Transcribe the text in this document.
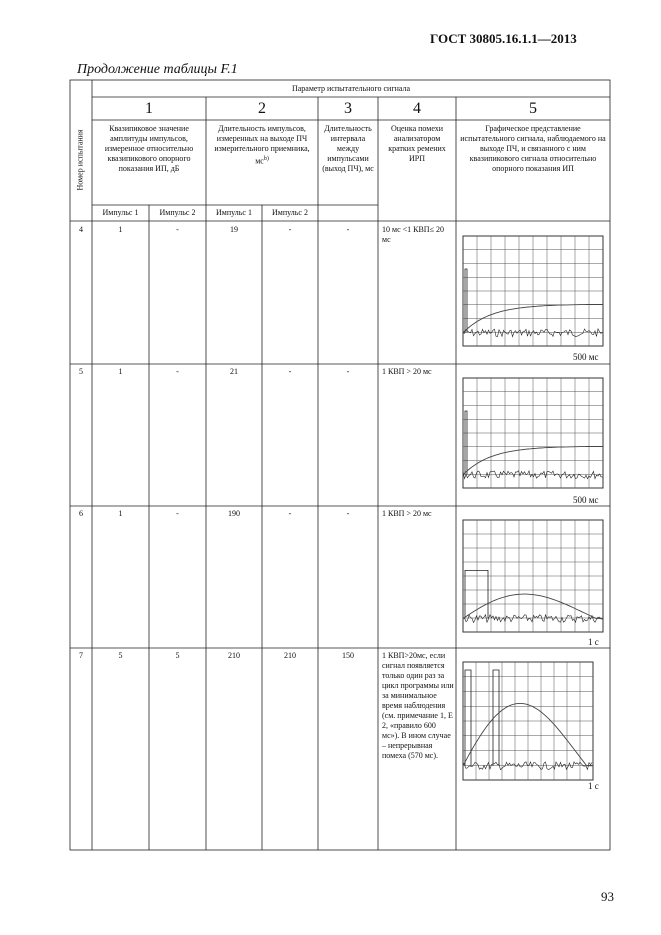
ГОСТ 30805.16.1.1—2013
Продолжение таблицы F.1
Номер испытания
Параметр испытательного сигнала
1	2	3	4	5
Квазипиковое значение амплитуды импульсов, измеренное относительно квазипикового опорного показания ИП, дБ
Длительность импульсов, измеренных на выходе ПЧ измерительного приемника, $мс^{b)}$
Длительность интервала между импульсами (выход ПЧ), мс
Оценка помехи анализатором кратких ремених ИРП
Графическое представление испытательного сигнала, наблюдаемого на выходе ПЧ, и связанного с ним квазипикового сигнала относительно опорного показания ИП
Импульс 1	Импульс 2	Импульс 1	Импульс 2
4	1	-	19	-	-	10 мс <1 КВП≤ 20 мс
500 мс
5	1	-	21	-	-	1 КВП > 20 мс
500 мс
6	1	-	190	-	-	1 КВП > 20 мс
1 с
7	5	5	210	210	150	1 КВП>20мс, если сигнал появляется только один раз за цикл программы или за минимальное время наблюдения (см. примечание 1, Е 2, «правило 600 мс»). В ином случае – непрерывная помеха (570 мс).
1 с
93
